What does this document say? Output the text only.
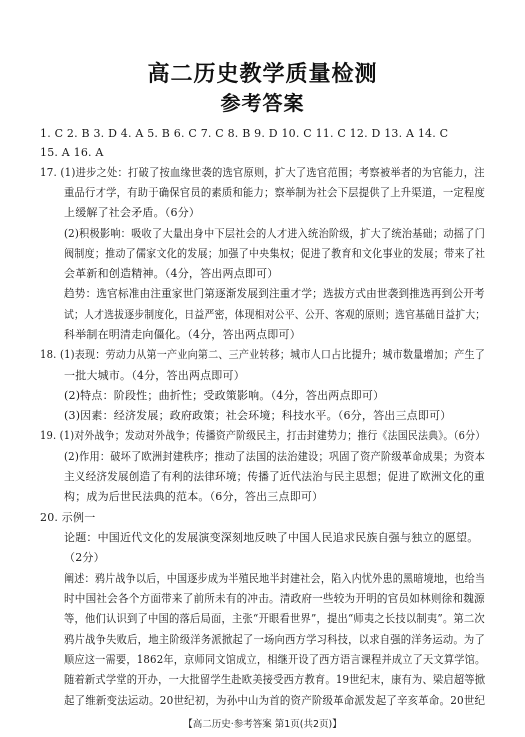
高二历史教学质量检测
参考答案
1. C 2. B 3. D 4. A 5. B 6. C 7. C 8. B 9. D 10. C 11. C 12. D 13. A 14. C
15. A 16. A
17. (1)进步之处：打破了按血缘世袭的选官原则，扩大了选官范围；考察被举者的为官能力，注
重品行才学，有助于确保官员的素质和能力；察举制为社会下层提供了上升渠道，一定程度
上缓解了社会矛盾。（6分）
(2)积极影响：吸收了大量出身中下层社会的人才进入统治阶级，扩大了统治基础；动摇了门
阀制度；推动了儒家文化的发展；加强了中央集权；促进了教育和文化事业的发展；带来了社
会革新和创造精神。（4分，答出两点即可）
趋势：选官标准由注重家世门第逐渐发展到注重才学；选拔方式由世袭到推选再到公开考
试；人才选拔逐步制度化，日益严密，体现相对公平、公开、客观的原则；选官基础日益扩大；
科举制在明清走向僵化。（4分，答出两点即可）
18. (1)表现：劳动力从第一产业向第二、三产业转移；城市人口占比提升；城市数量增加；产生了
一批大城市。（4分，答出两点即可）
(2)特点：阶段性；曲折性；受政策影响。（4分，答出两点即可）
(3)因素：经济发展；政府政策；社会环境；科技水平。（6分，答出三点即可）
19. (1)对外战争；发动对外战争；传播资产阶级民主，打击封建势力；推行《法国民法典》。（6分）
(2)作用：破坏了欧洲封建秩序；推动了法国的法治建设；巩固了资产阶级革命成果；为资本
主义经济发展创造了有利的法律环境；传播了近代法治与民主思想；促进了欧洲文化的重
构；成为后世民法典的范本。（6分，答出三点即可）
20. 示例一
论题：中国近代文化的发展演变深刻地反映了中国人民追求民族自强与独立的愿望。
（2分）
阐述：鸦片战争以后，中国逐步成为半殖民地半封建社会，陷入内忧外患的黑暗境地，也给当
时中国社会各个方面带来了前所未有的冲击。清政府一些较为开明的官员如林则徐和魏源
等，他们认识到了中国的落后局面，主张“开眼看世界”，提出“师夷之长技以制夷”。第二次
鸦片战争失败后，地主阶级洋务派掀起了一场向西方学习科技，以求自强的洋务运动。为了
顺应这一需要，1862年，京师同文馆成立，相继开设了西方语言课程并成立了天文算学馆。
随着新式学堂的开办，一大批留学生赴欧美接受西方教育。19世纪末，康有为、梁启超等掀
起了维新变法运动。20世纪初，为孙中山为首的资产阶级革命派发起了辛亥革命。20世纪
【高二历史·参考答案 第1页(共2页)】
